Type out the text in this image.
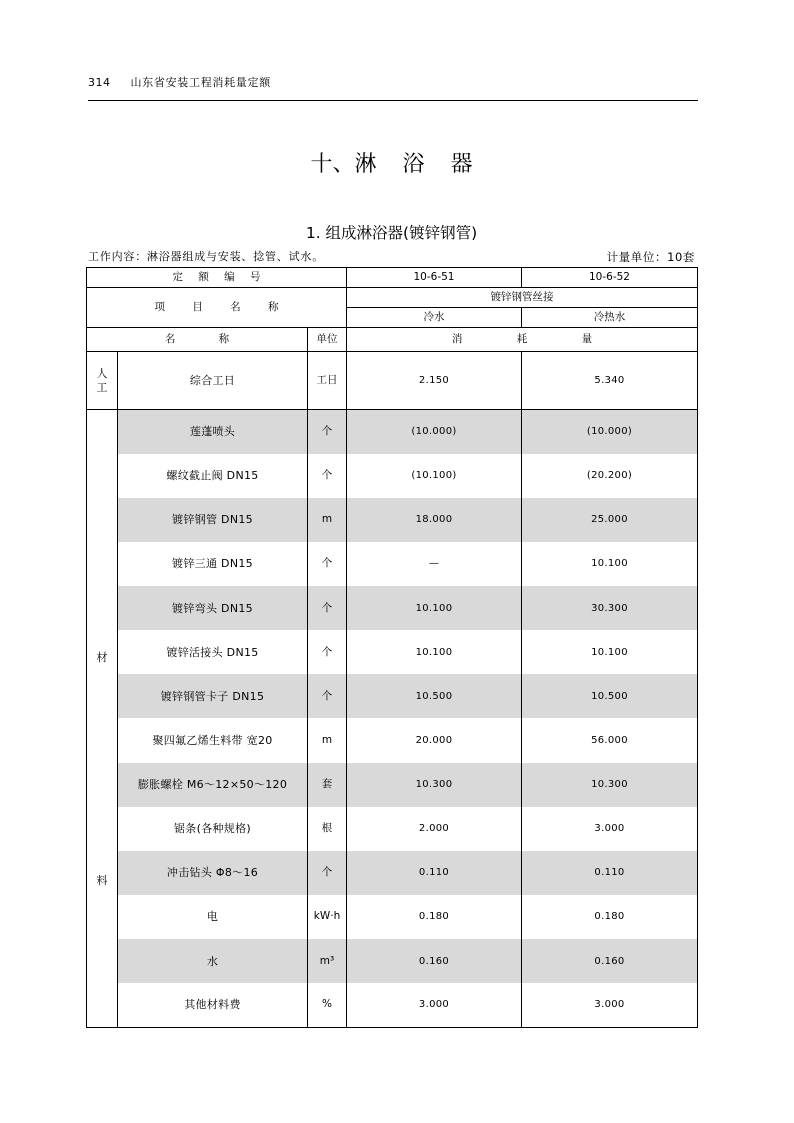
314 山东省安装工程消耗量定额
十、淋 浴 器
1. 组成淋浴器(镀锌钢管)
工作内容：淋浴器组成与安装、捻管、试水。	计量单位：10套
定 额 编 号			10-6-51	10-6-52
项 目 名 称			镀锌钢管丝接	
			冷水	冷热水
名 称		单位	消 耗 量	

人工	综合工日	工日	2.150	5.340

材料	莲蓬喷头	个	(10.000)	(10.000)
	螺纹截止阀 DN15	个	(10.100)	(20.200)
	镀锌钢管 DN15	m	18.000	25.000
	镀锌三通 DN15	个	—	10.100
	镀锌弯头 DN15	个	10.100	30.300
	镀锌活接头 DN15	个	10.100	10.100
	镀锌钢管卡子 DN15	个	10.500	10.500
	聚四氟乙烯生料带 宽20	m	20.000	56.000
	膨胀螺栓 M6～12×50～120	套	10.300	10.300
	锯条(各种规格)	根	2.000	3.000
	冲击钻头 Φ8～16	个	0.110	0.110
	电	kW·h	0.180	0.180
	水	m³	0.160	0.160
	其他材料费	%	3.000	3.000
